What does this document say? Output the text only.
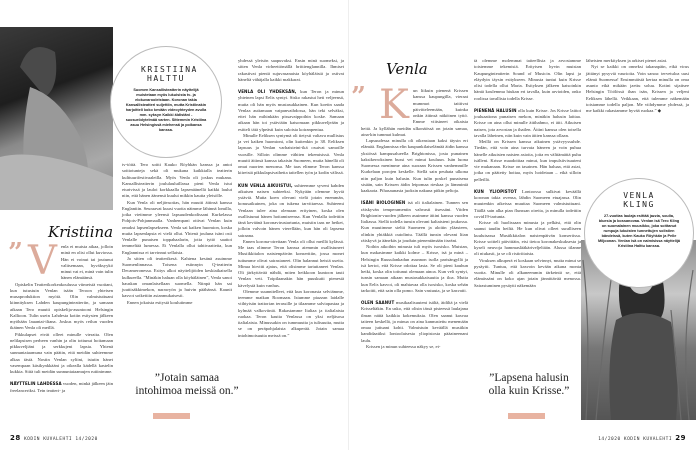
KRISTIINA HALTTU
Suomen Kansallisteatterin näyttelijä muistetaan myös lukuisista tv- ja elokuvarooleistaan. Koronan takia Kansallisteatteri suljettiin, mutta Kristiinakin harjoitteli koko kevään videoyhteyden avulla mm. syksyn Kaikki äidistäni -suosurödytelmää varten. Sittemmin Kristiina asuu Helsingissä miehensä ja poikansa kanssa.
Kristiina
” V enla ei muista aikaa, jolloin minä en olisi ollut kuviossa. Hän ei voinut tai joutunut valitsemaan, hyväksyykö minut vai ei, minä vain tulin hänen elämäänsä.

Opiskelin Teatterikorkeakoulussa viimeistä vuottani, kun tutustuin Venlan isään Teroon yhteisen musaproduktion myötä. Olin valmistuttuani kiinnityksen Lahden kaupunginteatteriin, ja samaan aikaan Tero muutti opiskelija-asuntooni Helsingin Kallioon. Tulin usein Lahdesta kotiin esitysten jälkeen myöhään lauantai-iltana. Joskus myös reilun vuoden ikäinen Venla oli meillä.

Pikkulapset eivät olleet minulle vieraita. Olen nelilapsisen perheen vanhin ja olin tottunut hoitamaan pikkuveljiäni ja serkkujeni lapsia. Yhtenä sunnuntaiaamuna vain päätin, että meidän suhteemme alkaa tästä. Nostin Venlan syliini, istutin hänet vasempaan käsikynkkääni ja oikealla kädellä kastelin kukkia. Siitä tuli meidän sunnuntaiaamujen rutiinimme.

NÄYTTELIN LAHDESSA vuoden, minkä jälkeen jäin freelanceriksi. Tein teatteri- ja

tv-töitä. Tero soitti Kauko Röyhkän kanssa ja antoi soittotunteja sekä oli mukana kaikkialla teatterin kulttuurifestivaaleilla. Myös Venla oli joskus mukana. Kansallisteatterin joululauluillassa pieni Venla istui eturivissä ja lauloi korkkaalla lapsenäänellä kaikki laulut niin, että hänen äänensä kuului mikkin kautta yleisölle.

Kun Venla oli neljävuotias, hän muutti äitinsä kanssa Englantiin. Seuraavat kuusi vuotta näimme lähinnä lomilla, jotka vietimme yleensä lapsuudenkodissani Kurkelassa Pohjois-Pohjanmaalla. Vanhempani ottivat Venlan kuin omaksi lapsenlapsekseen. Venla sai kaiken huomion, koska muita lapsenlapsia ei vielä ollut. Yhtenä jouluna isäni osti Venlalle punaisen toppahaalarin, jotta tyttö saattoi temmeltää lumessa. Ei Venlalla ollut tahtivaatteita, kun Englannissa ei tarvinnut sellaisia.

Ja sitten oli teatterikesä. Kahtena kesänä asuimme Suomenlinnassa. Toisena esiinnyin Q-teatterin Decameronessa. Esitys alkoi näyttelijöiden keskiaikaisella kulkueella. ”Minäkin haluan olla köyhäläinen”, Venla sanoi hauskan omanlaisellaan suomella. Niinpä hän sai juuttisäkkimekon, narawyön ja huivin päähänsä. Kaunit kasvot sotkettiin asianmukaisesti.

Ennen jokaista esitystä koulutimme

”Jotain samaa intohimoa meissä on.”

yhdessä yleisön saapuvaksi. Ensin minä suomeksi, ja sitten Venla virheettömällä brittienglannilla. Ihmiset rakastivat pientä sujuvasanaista köyhäläistä ja ostivat häneltä vähäjalla kaikki makkarat.

VENLA OLI YHDEKSÄN, kun Teron ja minun yhteinen lapsi Eelis syntyi. Sisko rakastui heti veljeensä, mutta oli hän myös mustasukkainen. Kun koetin saada Venlaa auttamaan vaipanvaihdossa, hän teki selväksi, ettei hän mihinkään pissavaippoihin koske. Samaan aikaan hän toi ystäviään katsomaan pikkuveljeään ja esitteli tätä ylpeästi kuin suloista koiranpentua.

Minulle Eeliksen syntymä oli tietysti valtava mullistus ja vei kaiken huomioni, olin kuitenkin jo 38. Eeliksen lapsuus ja Venlan varhaisteini-ikä osuivat samoille vuosille. Silloin olimme vähiten tekemisissä. Venla muutti äitinsä kanssa takaisin Suomeen, mutta hänellä oli omat nuorten menonsa. Me taas elimme Teron kanssa kiireistä pikkulapsivaihetta taitellen työn ja kodin välissä.

KUN VENLA AIKUISTUI, suhteemme syveni kahden aikuisen naisen suhteeksi. Nykyään olemme hyviä ystäviä. Mutta koen olevani vielä jotain enemmän, bonusaikuinen, joka on tukena tarvittaessa. Suhteemi Venlaan tulee aina olemaan erityinen, koska olen osallistunut hänen hoitamiseensa. Kun Venlalla todettiin tänä keväänä koronavirustartunta, muistin taas ne hetket, jolloin valvoin hänen vierellään, kun hän oli lapsena sairaana.

Ennen korona-oireitaan Venla oli ollut meillä kylässä. Me taas olimme Teron kanssa aiemmin osallistuneet Musiikkitalon naistenpäivän konserttiin, jossa monet tuttumme olivat sairastaneet. Olin halannut heistä useita. Minua hirvitti ajatus, että olisimme tartuttaneet Venlan. Oli järkyttävää nähdä, miten heikkoon kuntoon tauti Venlan veti. Toipilaanakin hän puuskutti pienestä kävelystä kuin vanhus.

Olemme suunnitelleet, että kun koronasta selviämme, teemme matkan Roomaan. Istumme piazzan laidalle viihtyisän trattorian terassille ja tilaamme salviapastaa ja kylmää valkoviiniä. Rakastamme Italiaa ja italialaista ruokaa. Teron kautta Venlassa on yksi neljäsosa italialaista. Minussakin on tummuutta ja tulisuutta, mutta se on peräpohjalaista alkuperää. Jotain samaa intohimoisuutta meissä on.”

28 KODIN KUVALEHTI 14/2020
Venla
” K un liikuin pienenä Krissen kanssa kaupungilla, vieraat mummot taittivat päivitteleemään, kuinka onkin äitinsä näköinen tyttö. Emme viitsineet oikaista heitä. Ja kyllähän meidän ulkonäössä on jotain samaa, aina-kin tummat kulmat.

Lapsuudessa minulla oli oikeastaan kaksi täysin eri elämää. Englannissa elin kaupunkilaiselämää äidin kanssa yksiössä kampusalueella Brightonissa, josta punainen kaksikerroksinen bussi vei minut kouluun. Isän luona Suomessa menimme aina suoraan Krissen vanhemmille Kurkelaan porojen keskelle. Siellä sain peuhata ulkona niin paljon kuin halusin. Kun tulin poskel punaisena sisään, sain Krissen äidin leipomaa rieskaa ja lämmintä kaakaota. Pihasaunasta juoksin nakuna pitkin peltoja.

ISÄNI BIOLOGINEN isä oli italialainen. Tunnen sen räiskyvän temperamentin vahvasti itsessäni. Viiden Brightonin-vuoden jälkeen asuimme äitini kanssa vuoden Italiassa. Siellä todella tunsin olevani kaltaisteni joukossa. Kun muutimme sieltä Suomeen ja aloitin yläasteen, olinkin yhtäkkiä outolintu. Täällä tunsin olevani liian räiskyvä ja äänekäs ja jouduin pienentämään itseäni.

Noihin aikoihin minusta tuli myös isosisko. Muistan, kun makasimme kaikki kolme – Krisse, isä ja minä – Helsingin Ruusulankadun asunnon isolla parisängyllä ja isä kertoi, että Krisse odottaa lasta. Se oli pieni kauhun hetki, koska olin tottunut olemaan ainoa. Kun veli syntyi, tunsin samaan aikaan mustasukkaisuutta ja iloa. Mutta kun Eelis kasvoi, oli mahtavaa olla isosisko, koska sehän tarkoitti, että sain olla pomo. Sain vastuuta, ja se kasvatti.

OLEN SAANUT musikaalisuuteni isältä, äidiltä ja vielä Krisseltäkin. En usko, että olisin tässä pisteessä laulajana ilman näitä kaikkia kokemuksia. Olen saanut kasvaa taiteen keskellä, ja minua on aina kannustettu menemään omaa juttuani kohti. Valmistuin keväällä musiikin kandidaatiksi Iontoolaisesta yliopistosta pääaineenani laulu.

Krissen ja minun suhteessa näkyy se, et-

tä olemme molemmat taiteellisia ja arvostamme toistemme tekemisiä. Erityisen hyvin muistan Kaupunginteatterin Sound of Musicin. Olin lapsi ja eläydyin täysin esitykseen. Minusta tuntui kuin Krisse olisi todella ollut Maria. Esityksen jälkeen katsoinkin häntä koulemma hiukan eri tavalla, kuin arvioiden, onko roolissa tavallista todella Krisse.

PIENENÄ HALUSIN olla kuin Krisse. Jos Krisse laittoi jouluaattona punaisen mekon, minäkin halusin laittaa. Krisse on aina ollut minulle äitihahmo, ei äiti. Aikuisen naisen, jota arvostan ja ihailen. Äitini kanssa olen toisella tavalla läheinen, niin kuin vain äitien kanssa ollaan.

Meillä on Krissen kanssa aikuinen ystävyyssuhde. Tiedän, että voin aina turvata häneen ja voin puhua hänelle aikuisten naisten asioita, joita en välttämättä puhu isälleni. Krisse maadoittaa minut, kun impulsiivisuuteni vie mukanaan. Krisse on tasainen. Hän haluaa, että asiat, jotka on päätetty hoitaa, myös hoidetaan – eikä silloin pelleillä.

KUN YLIOPISTOT Lontoossa sulkivat keväällä koronan takia ovensa, lähdin Suomeen etuajassa. Olin muutenkin aikeissa muuttaa Suomeen valmistuttuani. Täällä sain alka pian flunssan oireita, ja minulla todettiin covid19-tartunta.

Krisse oli huolissaan minusta ja pelkäsi, että olin saanut taudin heiltä. He kun olivat olleet suralliseen kuuluisassa Musiikkitalon naistenpäivän konsertissa. Krisse soitteli päivittäin, etsi tietoa koronakeskuksesta ja kyseli neuvoja hammaslääkäriveljeltään. Alussa tilanne oli niukasti, ja se oli ristiriitaista.

Viruksen alkuperä ei koskaan selvinnyt, mutta minut se pysäytti. Tuntuu, että kasvoin kevään aikana monta vuotta. Minulle oli alkaneemmin tärkeintä se, että elämässäni on koko ajan jotain jännittävää menossa. Sairastuminen pysäytti näkemään

”Lapsena halusin olla kuin Krisse.”

läheisten merkityksen ja arkiset pienet asiat.

Nyt se kaikki on onneksi takanapäin, eikä virus jättänyt pysyviä vaurioita. Voin sanoa: tervetuloa uusi elämä Suomessa! Ensimmäistä kertaa minulla on oma asunto eikä mikään jaettu soluu. Kotini sijaitsee Helsingin Töölössä ihan isän, Krissen ja veljeni Eeliksen lähellä. Veikkaan, että tulemme näkemään toisiamme todella paljon. Me viihdymme yhdessä, ja me kaikki rakastamme hyvää ruokaa.” ◆

VENLA KLING
27-vuotias laulaja esittää jazzia, soulia, bluesia ja bossanovaa. Venlan isä Tero Kling on suomalainen muusikko, joka soittanut rumpuja lukuisten tunnettujen solistien bändeissä, kuten Kauko Röyhkän ja Pelle Miljoonan. Venlan isä on naimisissa näyttelijä Kristiina Halttu kanssa.
14/2020 KODIN KUVALEHTI 29
